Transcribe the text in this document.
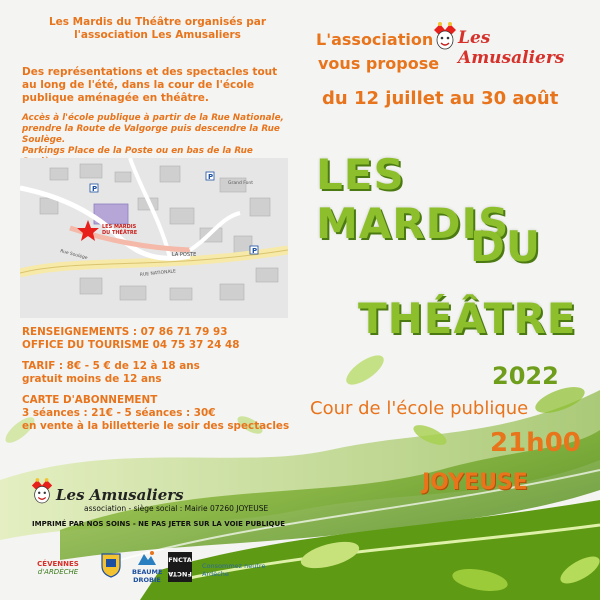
Les Mardis du Théâtre organisés par
l'association Les Amusaliers
Des représentations et des spectacles tout au long de l'été, dans la cour de l'école publique aménagée en théâtre.
Accès à l'école publique à partir de la Rue Nationale,
prendre la Route de Valgorge puis descendre la Rue Soulège.
Parkings Place de la Poste ou en bas de la Rue
LES MARDIS
DU THÉÂTRE
LA POSTE
RUE NATIONALE
Rue Soulège
Grand Font
P
P
P
RENSEIGNEMENTS : 07 86 71 79 93
OFFICE DU TOURISME 04 75 37 24 48
TARIF : 8€ - 5 € de 12 à 18 ans
gratuit moins de 12 ans
CARTE D'ABONNEMENT
3 séances : 21€ - 5 séances : 30€
en vente à la billetterie le soir des spectacles
L'association Les Amusaliers
vous propose
du 12 juillet au 30 août
LES MARDIS
DU
THÉÂTRE
2022
Cour de l'école publique
21h00
JOYEUSE
Les Amusaliers
association - siège social : Mairie 07260 JOYEUSE
IMPRIMÉ PAR NOS SOINS - NE PAS JETER SUR LA VOIE PUBLIQUE
CÉVENNES
d'ARDÈCHE	BEAUME
DROBIE
FNCTA
FNCTA
Consommez neutre
Ardèche
